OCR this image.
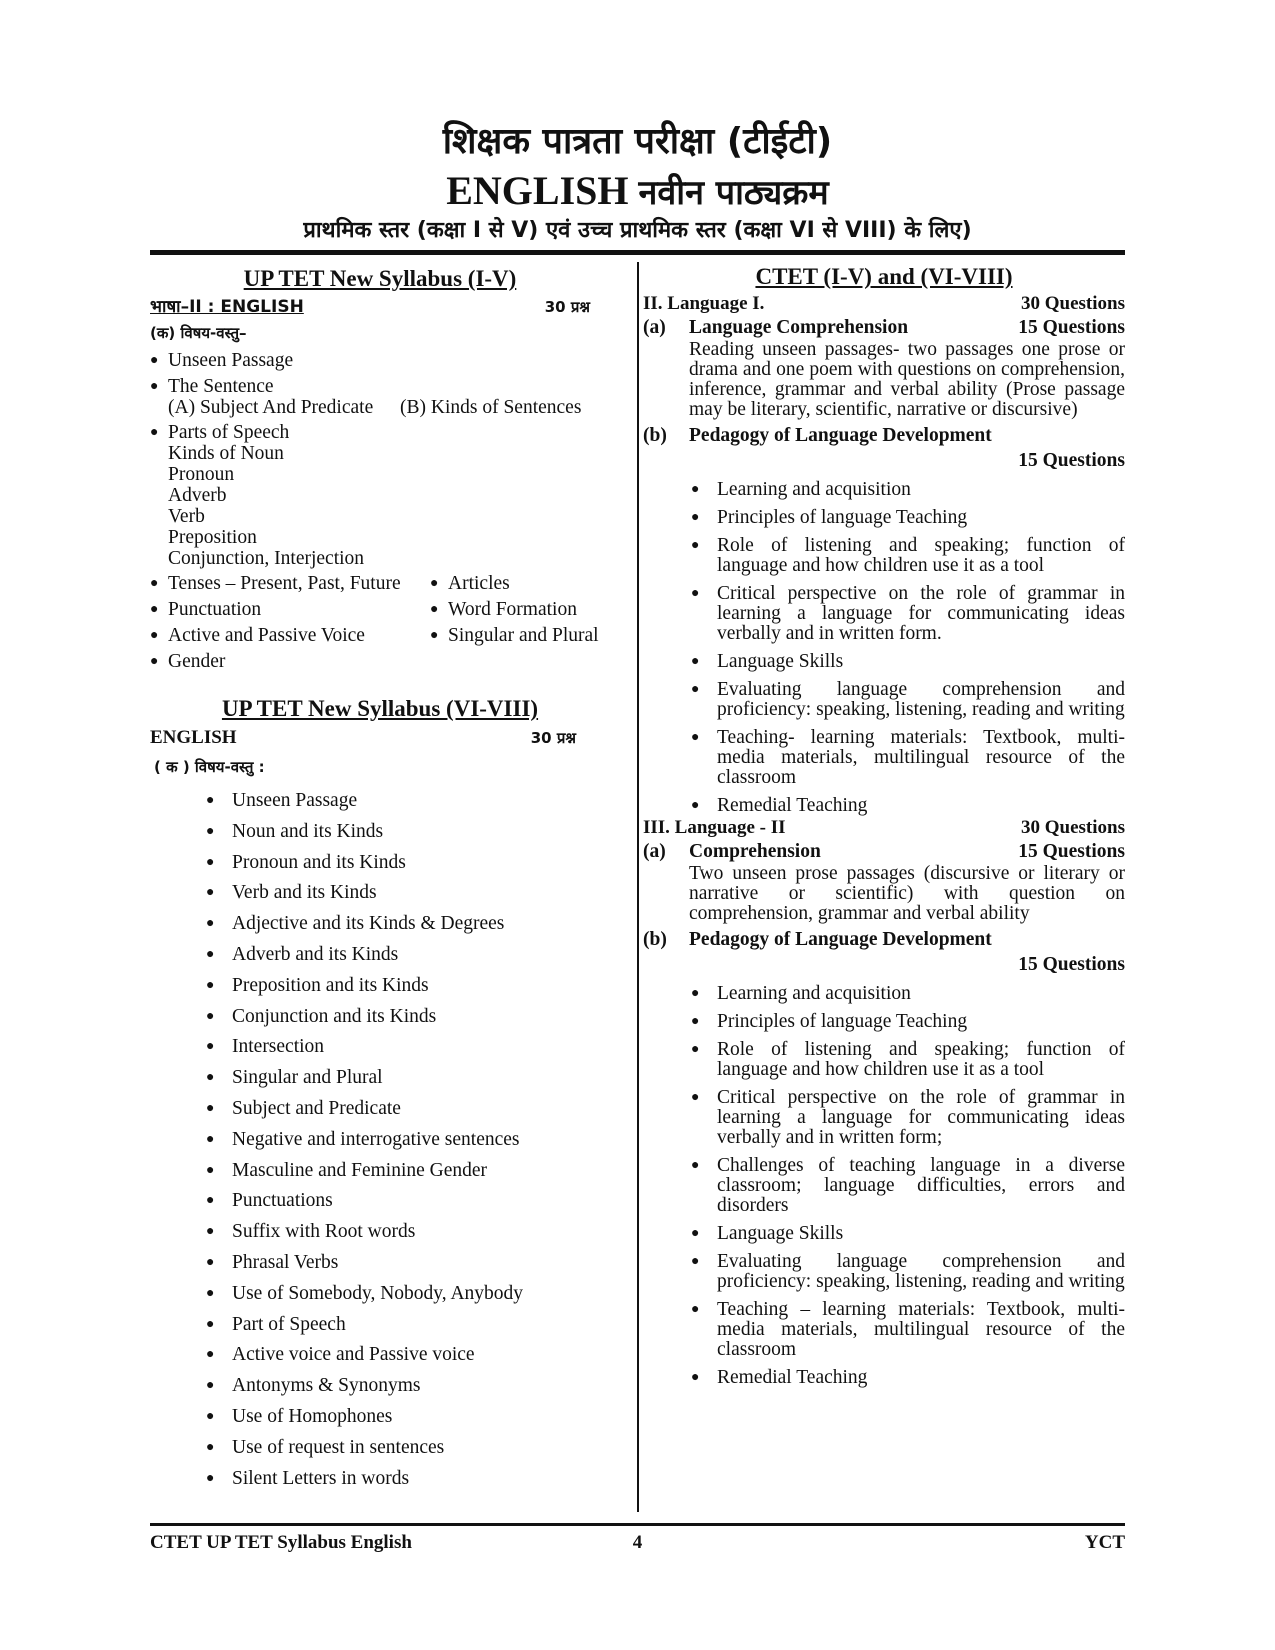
शिक्षक पात्रता परीक्षा (टीईटी)
ENGLISH नवीन पाठ्यक्रम
प्राथमिक स्तर (कक्षा I से V) एवं उच्च प्राथमिक स्तर (कक्षा VI से VIII) के लिए)
UP TET New Syllabus (I-V)
भाषा–II : ENGLISH	30 प्रश्न
(क) विषय-वस्तु–
● Unseen Passage
● The Sentence
(A) Subject And Predicate	(B) Kinds of Sentences
● Parts of Speech
Kinds of Noun
Pronoun
Adverb
Verb
Preposition
Conjunction, Interjection
● Tenses – Present, Past, Future	● Articles
● Punctuation	● Word Formation
● Active and Passive Voice	● Singular and Plural
● Gender
UP TET New Syllabus (VI-VIII)
ENGLISH	30 प्रश्न
( क ) विषय-वस्तु :
● Unseen Passage
● Noun and its Kinds
● Pronoun and its Kinds
● Verb and its Kinds
● Adjective and its Kinds & Degrees
● Adverb and its Kinds
● Preposition and its Kinds
● Conjunction and its Kinds
● Intersection
● Singular and Plural
● Subject and Predicate
● Negative and interrogative sentences
● Masculine and Feminine Gender
● Punctuations
● Suffix with Root words
● Phrasal Verbs
● Use of Somebody, Nobody, Anybody
● Part of Speech
● Active voice and Passive voice
● Antonyms & Synonyms
● Use of Homophones
● Use of request in sentences
● Silent Letters in words
CTET (I-V) and (VI-VIII)
II. Language I.	30 Questions
(a)	Language Comprehension	15 Questions
Reading unseen passages- two passages one prose or drama and one poem with questions on comprehension, inference, grammar and verbal ability (Prose passage may be literary, scientific, narrative or discursive)
(b)	Pedagogy of Language Development
15 Questions
● Learning and acquisition
● Principles of language Teaching
● Role of listening and speaking; function of language and how children use it as a tool
● Critical perspective on the role of grammar in learning a language for communicating ideas verbally and in written form.
● Language Skills
● Evaluating language comprehension and proficiency: speaking, listening, reading and writing
● Teaching- learning materials: Textbook, multi-media materials, multilingual resource of the classroom
● Remedial Teaching
III. Language - II	30 Questions
(a)	Comprehension	15 Questions
Two unseen prose passages (discursive or literary or narrative or scientific) with question on comprehension, grammar and verbal ability
(b)	Pedagogy of Language Development
15 Questions
● Learning and acquisition
● Principles of language Teaching
● Role of listening and speaking; function of language and how children use it as a tool
● Critical perspective on the role of grammar in learning a language for communicating ideas verbally and in written form;
● Challenges of teaching language in a diverse classroom; language difficulties, errors and disorders
● Language Skills
● Evaluating language comprehension and proficiency: speaking, listening, reading and writing
● Teaching – learning materials: Textbook, multi-media materials, multilingual resource of the classroom
● Remedial Teaching
CTET UP TET Syllabus English	4	YCT
